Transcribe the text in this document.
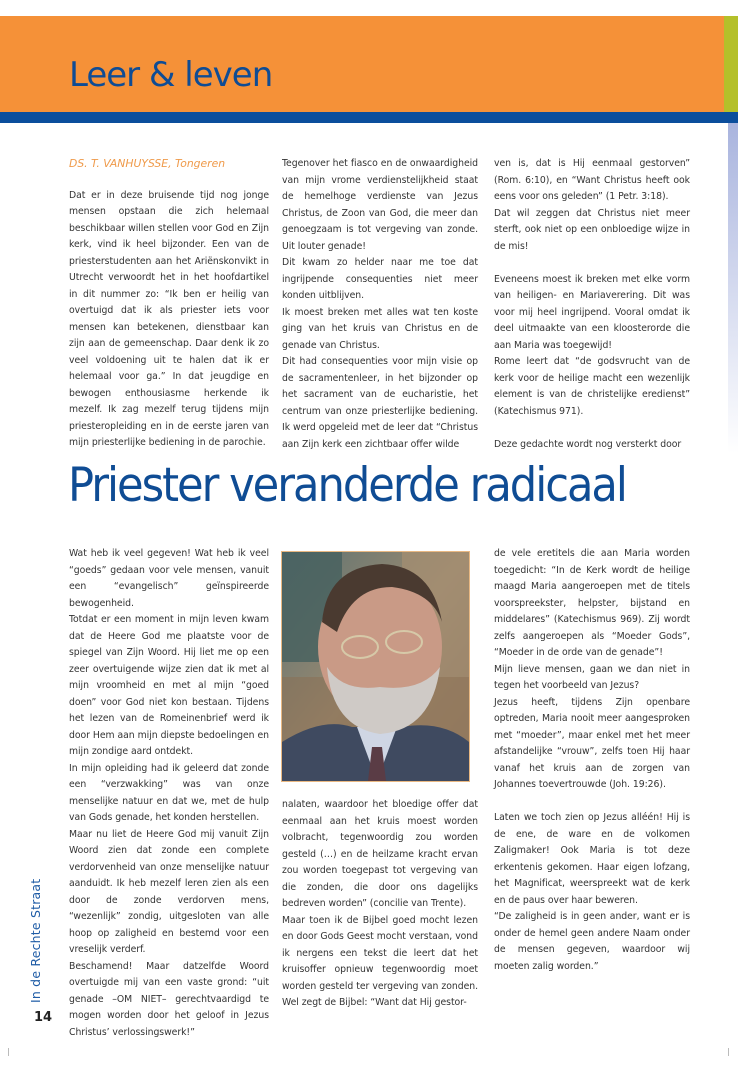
Leer & leven

DS. T. VANHUYSSE, Tongeren

Dat er in deze bruisende tijd nog jonge mensen opstaan die zich helemaal beschikbaar willen stellen voor God en Zijn kerk, vind ik heel bijzonder. Een van de priesterstudenten aan het Ariënskonvikt in Utrecht verwoordt het in het hoofdartikel in dit nummer zo: “Ik ben er heilig van overtuigd dat ik als priester iets voor mensen kan betekenen, dienstbaar kan zijn aan de gemeenschap. Daar denk ik zo veel voldoening uit te halen dat ik er helemaal voor ga.” In dat jeugdige en bewogen enthousiasme herkende ik mezelf. Ik zag mezelf terug tijdens mijn priesteropleiding en in de eerste jaren van mijn priesterlijke bediening in de parochie.

Tegenover het fiasco en de onwaardigheid van mijn vrome verdienstelijkheid staat de hemelhoge verdienste van Jezus Christus, de Zoon van God, die meer dan genoegzaam is tot vergeving van zonde. Uit louter genade!

Dit kwam zo helder naar me toe dat ingrijpende consequenties niet meer konden uitblijven.

Ik moest breken met alles wat ten koste ging van het kruis van Christus en de genade van Christus.

Dit had consequenties voor mijn visie op de sacramentenleer, in het bijzonder op het sacrament van de eucharistie, het centrum van onze priesterlijke bediening. Ik werd opgeleid met de leer dat “Christus aan Zijn kerk een zichtbaar offer wilde

ven is, dat is Hij eenmaal gestorven” (Rom. 6:10), en “Want Christus heeft ook eens voor ons geleden” (1 Petr. 3:18).

Dat wil zeggen dat Christus niet meer sterft, ook niet op een onbloedige wijze in de mis!

Eveneens moest ik breken met elke vorm van heiligen- en Mariaverering. Dit was voor mij heel ingrijpend. Vooral omdat ik deel uitmaakte van een kloosterorde die aan Maria was toegewijd!

Rome leert dat “de godsvrucht van de kerk voor de heilige macht een wezenlijk element is van de christelijke eredienst” (Katechismus 971).

Deze gedachte wordt nog versterkt door

Priester veranderde radicaal

Wat heb ik veel gegeven! Wat heb ik veel “goeds” gedaan voor vele mensen, vanuit een “evangelisch” geïnspireerde bewogenheid.

Totdat er een moment in mijn leven kwam dat de Heere God me plaatste voor de spiegel van Zijn Woord. Hij liet me op een zeer overtuigende wijze zien dat ik met al mijn vroomheid en met al mijn “goed doen” voor God niet kon bestaan. Tijdens het lezen van de Romeinenbrief werd ik door Hem aan mijn diepste bedoelingen en mijn zondige aard ontdekt.

In mijn opleiding had ik geleerd dat zonde een “verzwakking” was van onze menselijke natuur en dat we, met de hulp van Gods genade, het konden herstellen.

Maar nu liet de Heere God mij vanuit Zijn Woord zien dat zonde een complete verdorvenheid van onze menselijke natuur aanduidt. Ik heb mezelf leren zien als een door de zonde verdorven mens, “wezenlijk” zondig, uitgesloten van alle hoop op zaligheid en bestemd voor een vreselijk verderf.

Beschamend! Maar datzelfde Woord overtuigde mij van een vaste grond: “uit genade –OM NIET– gerechtvaardigd te mogen worden door het geloof in Jezus Christus’ verlossingswerk!”

nalaten, waardoor het bloedige offer dat eenmaal aan het kruis moest worden volbracht, tegenwoordig zou worden gesteld (…) en de heilzame kracht ervan zou worden toegepast tot vergeving van die zonden, die door ons dagelijks bedreven worden” (concilie van Trente).

Maar toen ik de Bijbel goed mocht lezen en door Gods Geest mocht verstaan, vond ik nergens een tekst die leert dat het kruisoffer opnieuw tegenwoordig moet worden gesteld ter vergeving van zonden. Wel zegt de Bijbel: “Want dat Hij gestor-

de vele eretitels die aan Maria worden toegedicht: “In de Kerk wordt de heilige maagd Maria aangeroepen met de titels voorspreekster, helpster, bijstand en middelares” (Katechismus 969). Zij wordt zelfs aangeroepen als “Moeder Gods”, “Moeder in de orde van de genade”!

Mijn lieve mensen, gaan we dan niet in tegen het voorbeeld van Jezus?

Jezus heeft, tijdens Zijn openbare optreden, Maria nooit meer aangesproken met “moeder”, maar enkel met het meer afstandelijke “vrouw”, zelfs toen Hij haar vanaf het kruis aan de zorgen van Johannes toevertrouwde (Joh. 19:26).

Laten we toch zien op Jezus alléén! Hij is de ene, de ware en de volkomen Zaligmaker! Ook Maria is tot deze erkentenis gekomen. Haar eigen lofzang, het Magnificat, weerspreekt wat de kerk en de paus over haar beweren.

“De zaligheid is in geen ander, want er is onder de hemel geen andere Naam onder de mensen gegeven, waardoor wij moeten zalig worden.”

In de Rechte Straat
14
